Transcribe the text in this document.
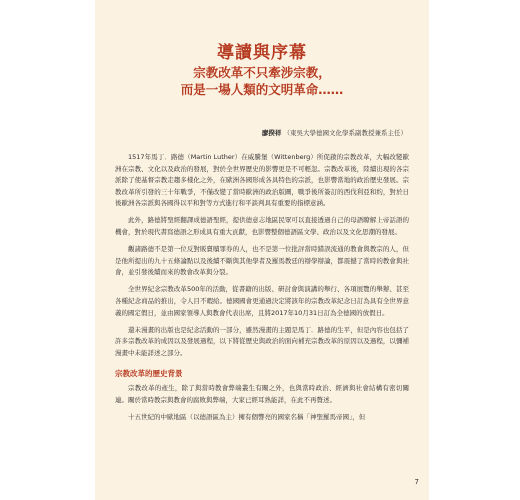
導讀與序幕
宗教改革不只牽涉宗教，
而是一場人類的文明革命……
廖揆祥 （東吳大學德國文化學系副教授兼系主任）

1517年馬丁．路德（Martin Luther）在威騰堡（Wittenberg）所促啟的宗教改革，大幅改變歐洲在宗教、文化以及政治的發展，對於全世界歷史的影響更是不可輕忽。宗教改革後，陸續出現的各宗派除了使基督宗教走趨多樣化之外，在歐洲各國形成各具特色的宗派，也影響當地的政治歷史發展。宗教改革所引發的三十年戰爭，不僅改變了當時歐洲的政治版圖，戰爭後所簽訂的西伐利亞和約，對於日後歐洲各宗派與各國得以平和對等方式進行和平談判具有重要的指標意涵。

此外，路德將聖經翻譯成德語聖經，提供德意志地區民眾可以直接透過自己的母語瞭解上帝話語的機會，對於現代書寫德語之形成具有重大貢獻，也影響整個德語區文學、政治以及文化思潮的發展。

觀諸路德不是第一位反對販賣贖罪券的人，也不是第一位批評當時錯誤流通的教會與教宗的人，但是他所提出的九十五條論點以及後續不斷與其他學者及羅馬教廷的辯學辯論，都震撼了當時的教會與社會，並引發後續而來的教會改革與分裂。

全世界紀念宗教改革500年的活動，從書籍的出版、研討會與演講的舉行、各項展覽的舉辦、甚至各種紀念商品的推出，令人目不暇給。德國國會更通過決定將該年的宗教改革紀念日訂為具有全世界意義的國定假日，並由國家領導人與教會代表出席，且將2017年10月31日訂為全德國的放假日。

還未漫畫的出版也是紀念活動的一部分，雖然漫畫的主題是馬丁．路德的生平，但是內容也包括了許多宗教改革的成因以及發展過程，以下將從歷史與政治的面向補充宗教改革的原因以及過程，以彌補漫畫中未能詳述之部分。

宗教改革的歷史背景

宗教改革的產生，除了與當時教會弊端叢生有關之外，也與當時政治、經濟與社會結構有密切關連。關於當時教宗與教會的腐敗與弊端，大家已經耳熟能詳，在此不再贅述。

十五世紀的中歐地區（以德語區為主）擁有個響亮的國家名稱「神聖羅馬帝國」，但

7
